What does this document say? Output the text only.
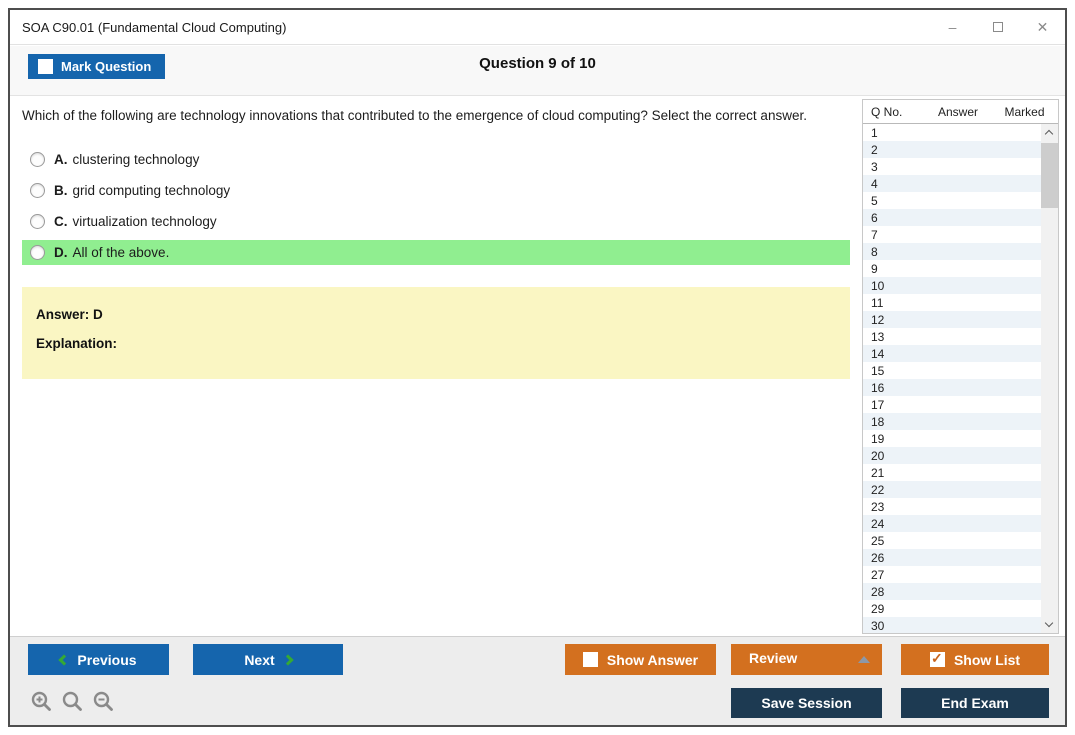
SOA C90.01 (Fundamental Cloud Computing)	–	✕
Mark Question	Question 9 of 10
Which of the following are technology innovations that contributed to the emergence of cloud computing? Select the correct answer.
A. clustering technology
B. grid computing technology
C. virtualization technology
D. All of the above.
Answer: D
Explanation:
Q No.	Answer	Marked
1
2
3
4
5
6
7
8
9
10
11
12
13
14
15
16
17
18
19
20
21
22
23
24
25
26
27
28
29
30
Previous	Next	Show Answer	Review ✓	Show List
Save Session	End Exam
